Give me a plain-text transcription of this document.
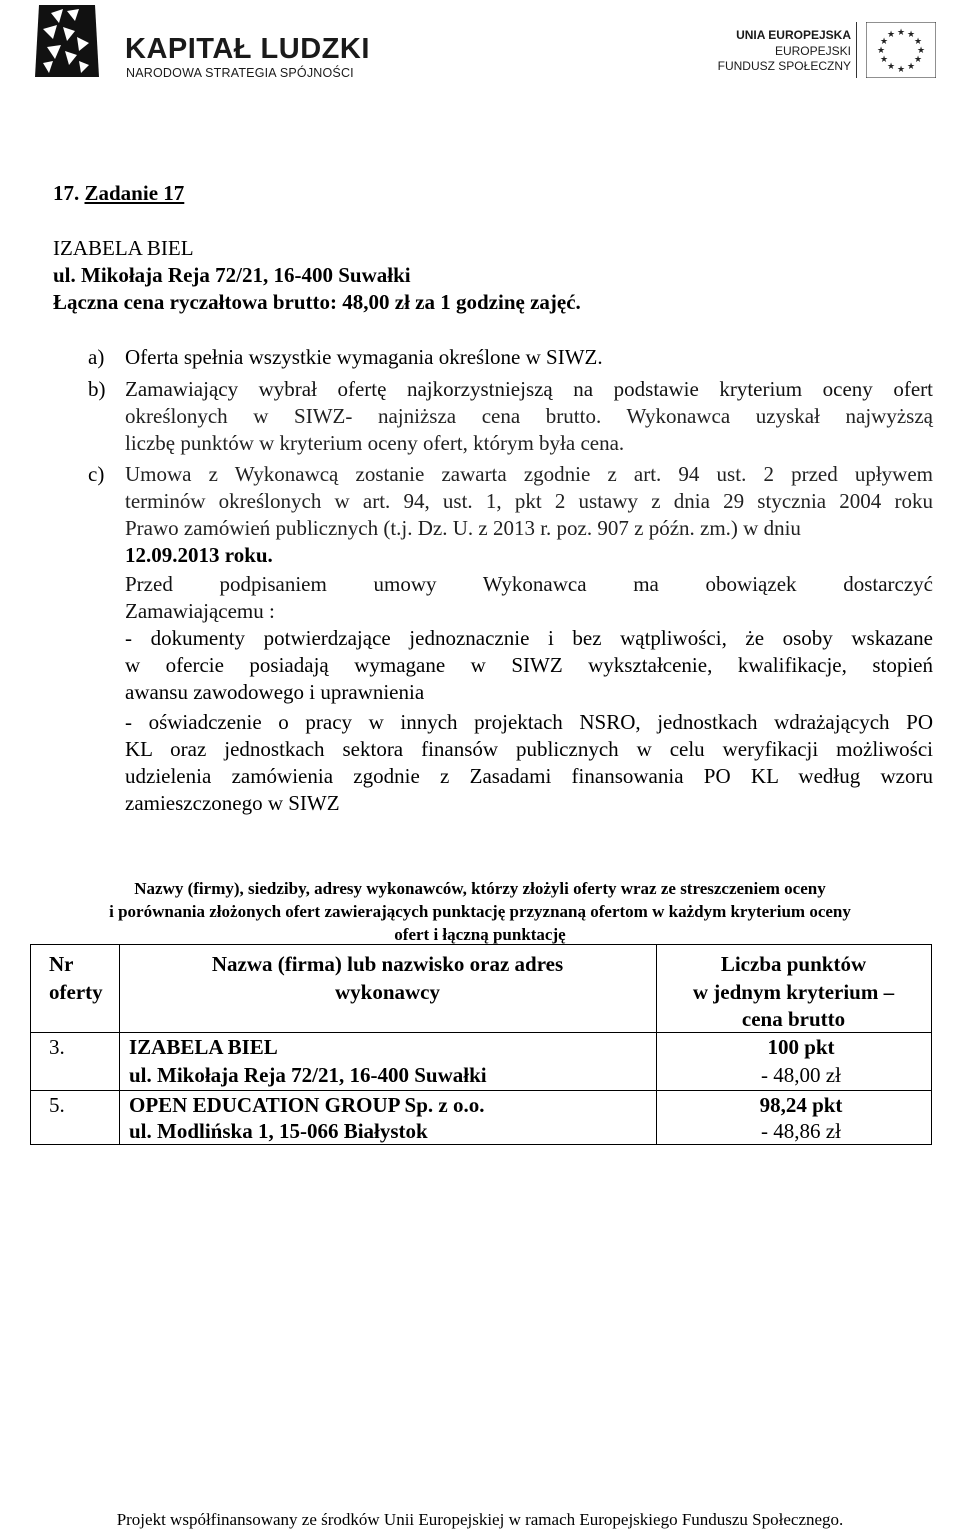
KAPITAŁ LUDZKI
NARODOWA STRATEGIA SPÓJNOŚCI
UNIA EUROPEJSKA
EUROPEJSKI
FUNDUSZ SPOŁECZNY
★ ★
★
★
★
★
★
★
★
★
★
★
17. Zadanie 17
IZABELA BIEL
ul. Mikołaja Reja 72/21, 16-400 Suwałki
Łączna cena ryczałtowa brutto: 48,00 zł za 1 godzinę zajęć.
a) Oferta spełnia wszystkie wymagania określone w SIWZ.
b) Zamawiający wybrał ofertę najkorzystniejszą na podstawie kryterium oceny ofert
określonych w SIWZ- najniższa cena brutto. Wykonawca uzyskał najwyższą
liczbę punktów w kryterium oceny ofert, którym była cena.
c) Umowa z Wykonawcą zostanie zawarta zgodnie z art. 94 ust. 2 przed upływem
terminów określonych w art. 94, ust. 1, pkt 2 ustawy z dnia 29 stycznia 2004 roku
Prawo zamówień publicznych (t.j. Dz. U. z 2013 r. poz. 907 z późn. zm.) w dniu
12.09.2013 roku.
Przed podpisaniem umowy Wykonawca ma obowiązek dostarczyć
Zamawiającemu :
- dokumenty potwierdzające jednoznacznie i bez wątpliwości, że osoby wskazane
w ofercie posiadają wymagane w SIWZ wykształcenie, kwalifikacje, stopień
awansu zawodowego i uprawnienia
- oświadczenie o pracy w innych projektach NSRO, jednostkach wdrażających PO
KL oraz jednostkach sektora finansów publicznych w celu weryfikacji możliwości
udzielenia zamówienia zgodnie z Zasadami finansowania PO KL według wzoru
zamieszczonego w SIWZ
Nazwy (firmy), siedziby, adresy wykonawców, którzy złożyli oferty wraz ze streszczeniem oceny
i porównania złożonych ofert zawierających punktację przyznaną ofertom w każdym kryterium oceny
ofert i łączną punktację
Nr
oferty
Nazwa (firma) lub nazwisko oraz adres
wykonawcy
Liczba punktów
w jednym kryterium –
cena brutto
3.	IZABELA BIEL
ul. Mikołaja Reja 72/21, 16-400 Suwałki
100 pkt
- 48,00 zł
5.	OPEN EDUCATION GROUP Sp. z o.o.
ul. Modlińska 1, 15-066 Białystok
98,24 pkt
- 48,86 zł
Projekt współfinansowany ze środków Unii Europejskiej w ramach Europejskiego Funduszu Społecznego.
